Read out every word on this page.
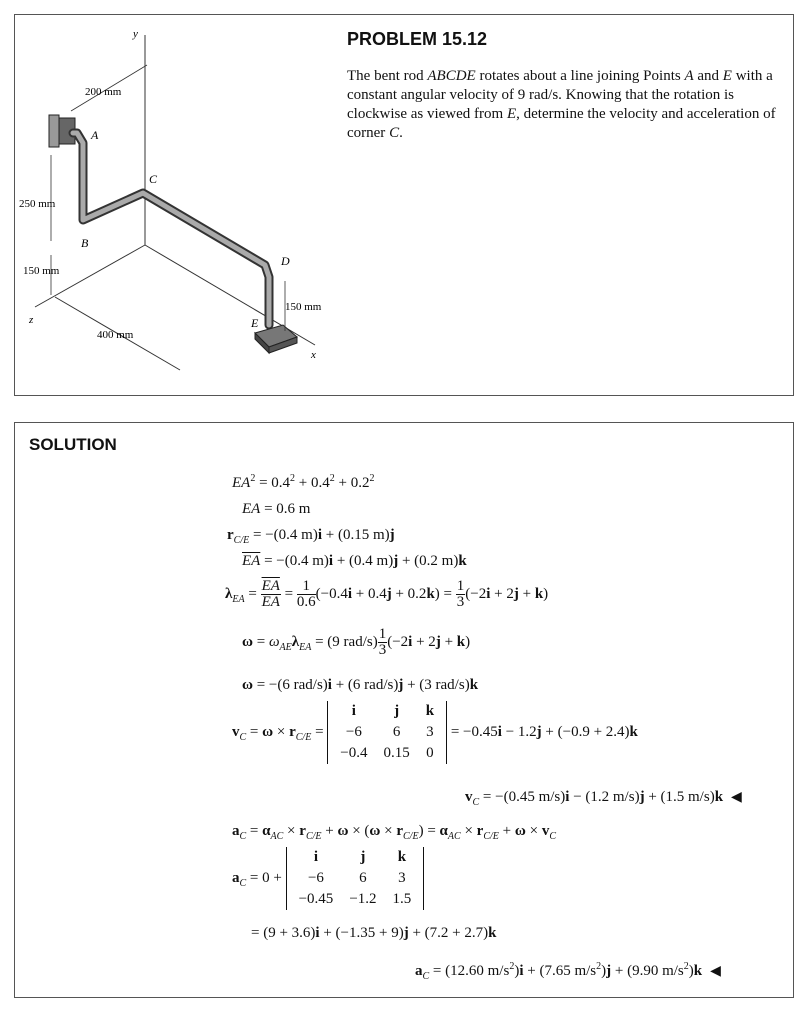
y
x
z
A
B
C
D
E
200 mm
250 mm
150 mm
150 mm
400 mm
PROBLEM 15.12
The bent rod ABCDE rotates about a line joining Points A and E with a constant angular velocity of 9 rad/s. Knowing that the rotation is clockwise as viewed from E, determine the velocity and acceleration of corner C.
SOLUTION
$EA^2 = 0.4^2 + 0.4^2 + 0.2^2$
EA = 0.6 m
$r_{C/E} = -(0.4$ m)i + (0.15 m)j
$\overline{EA} = -(0.4$ m)i + (0.4 m)j + (0.2 m)k
$\lambda_{EA} = \frac{\overline{EA}}{EA} = \frac{1}{0.6} (-0.4i + 0.4j + 0.2k) = \frac{1}{3} (-2i + 2j + k)$
$\omega = \omega_{AE}\lambda_{EA} = (9$ $rad/s) \frac{1}{3} (-2i + 2j + k)$
ω = −(6 rad/s)i + (6 rad/s)j + (3 rad/s)k
$v_C = \omega \times r_{C/E}$ =
i	j	k
−6	6	3
−0.4	0.15	0
= −0.45i − 1.2j + (−0.9 + 2.4)k
$v_C = -(0.45$ m/s)i − (1.2 m/s)j + (1.5 m/s)k ◀
$a_C = \alpha_{AC} \times r_{C/E} + \omega \times (\omega \times r_{C/E}) = \alpha_{AC} \times r_{C/E} + \omega \times v_C$
$a_C = 0$ +
i	j	k
−6	6	3
−0.45	−1.2	1.5
= (9 + 3.6)i + (−1.35 + 9)j + (7.2 + 2.7)k
$a_C = (12.60$ $m/s^2)i + (7.65$ $m/s^2)j + (9.90$ $m/s^2)k$ ◀
